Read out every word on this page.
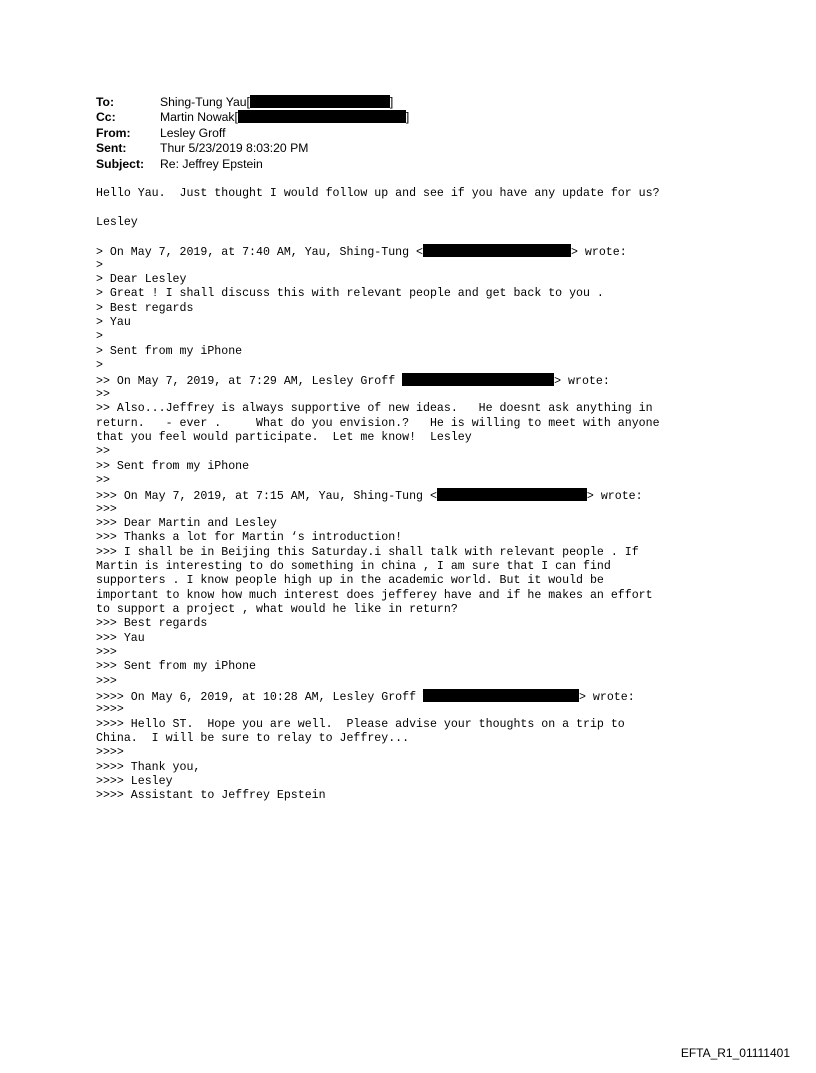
To:	Shing-Tung Yau[	]
Cc:	Martin Nowak[	]
From: Lesley Groff
Sent:	Thur 5/23/2019 8:03:20 PM
Subject: Re: Jeffrey Epstein
Hello Yau.  Just thought I would follow up and see if you have any update for us?
Lesley
> On May 7, 2019, at 7:40 AM, Yau, Shing-Tung <	> wrote:
>
> Dear Lesley
> Great ! I shall discuss this with relevant people and get back to you .
> Best regards
> Yau
>
> Sent from my iPhone
>
>> On May 7, 2019, at 7:29 AM, Lesley Groff	> wrote:
>>
>> Also...Jeffrey is always supportive of new ideas.   He doesnt ask anything in
return.   - ever .     What do you envision.?   He is willing to meet with anyone
that you feel would participate.  Let me know!  Lesley
>>
>> Sent from my iPhone
>>
>>> On May 7, 2019, at 7:15 AM, Yau, Shing-Tung <	> wrote:
>>>
>>> Dear Martin and Lesley
>>> Thanks a lot for Martin ‘s introduction!
>>> I shall be in Beijing this Saturday.i shall talk with relevant people . If
Martin is interesting to do something in china , I am sure that I can find
supporters . I know people high up in the academic world. But it would be
important to know how much interest does jefferey have and if he makes an effort
to support a project , what would he like in return?
>>> Best regards
>>> Yau
>>>
>>> Sent from my iPhone
>>>
>>>> On May 6, 2019, at 10:28 AM, Lesley Groff	> wrote:
>>>>
>>>> Hello ST.  Hope you are well.  Please advise your thoughts on a trip to
China.  I will be sure to relay to Jeffrey...
>>>>
>>>> Thank you,
>>>> Lesley
>>>> Assistant to Jeffrey Epstein
EFTA_R1_01111401
